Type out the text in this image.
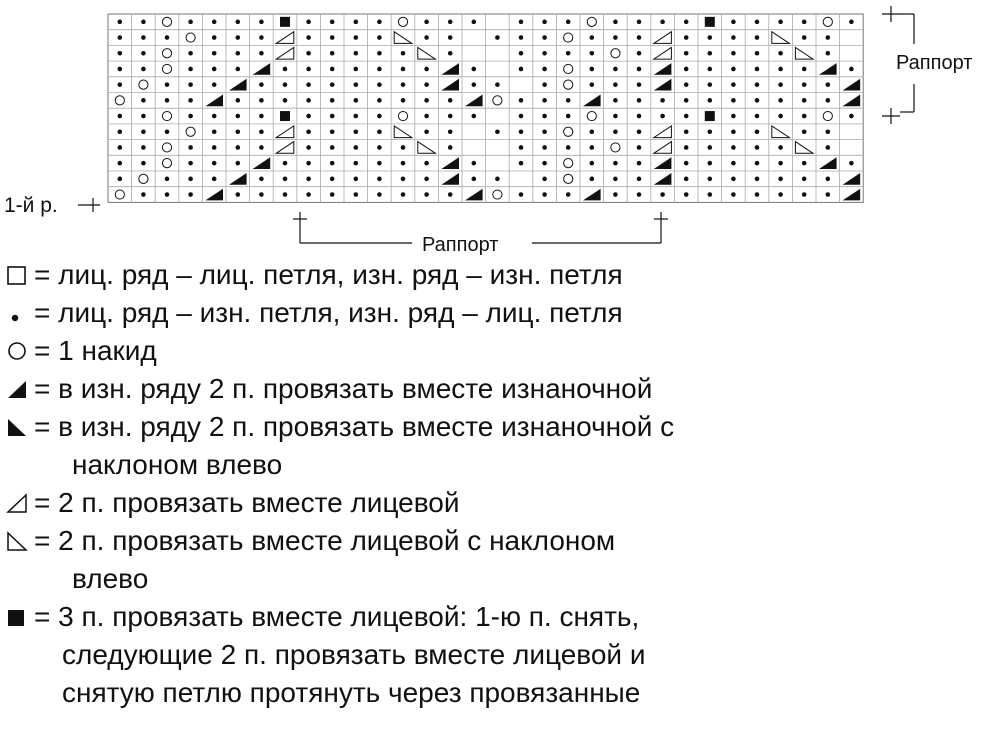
1-й р.
Раппорт
Раппорт
= лиц. ряд – лиц. петля, изн. ряд – изн. петля
= лиц. ряд – изн. петля, изн. ряд – лиц. петля
= 1 накид
= в изн. ряду 2 п. провязать вместе изнаночной
= в изн. ряду 2 п. провязать вместе изнаночной с
наклоном влево
= 2 п. провязать вместе лицевой
= 2 п. провязать вместе лицевой с наклоном
влево
= 3 п. провязать вместе лицевой: 1-ю п. снять,
следующие 2 п. провязать вместе лицевой и
снятую петлю протянуть через провязанные
